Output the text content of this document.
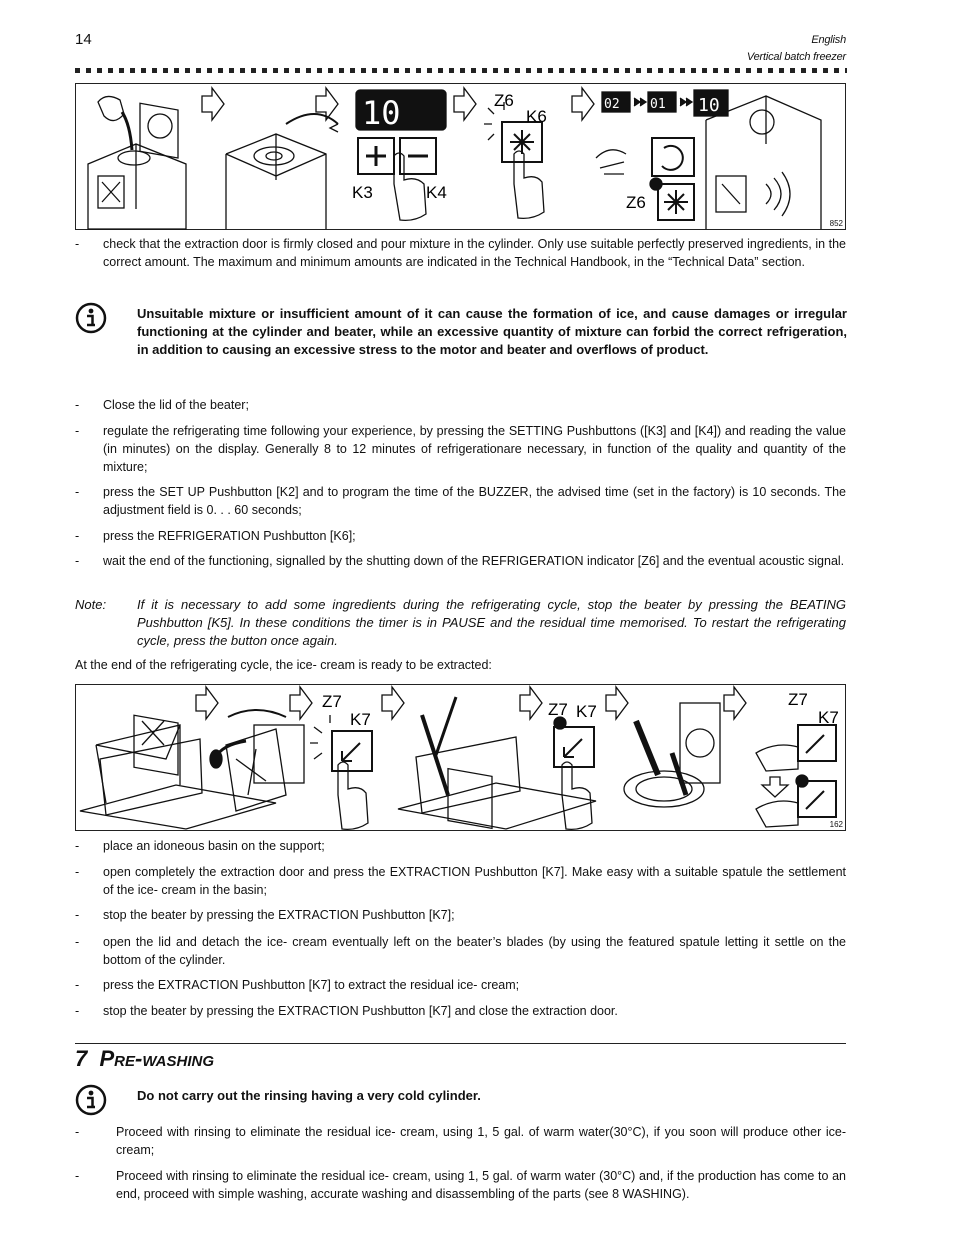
14	English
Vertical batch freezer
10	02 01 10
K3	K4
Z6
K6
Z6
852
-	check that the extraction door is firmly closed and pour mixture in the cylinder. Only use suitable perfectly preserved ingredients, in the correct amount. The maximum and minimum amounts are indicated in the Technical Handbook, in the “Technical Data” section.
Unsuitable mixture or insufficient amount of it can cause the formation of ice, and cause damages or irregular functioning at the cylinder and beater, while an excessive quantity of mixture can forbid the correct refrigeration, in addition to causing an excessive stress to the motor and beater and overflows of product.
-	Close the lid of the beater;
-	regulate the refrigerating time following your experience, by pressing the SETTING Pushbuttons ([K3] and [K4]) and reading the value (in minutes) on the display. Generally 8 to 12 minutes of refrigerationare necessary, in function of the quality and quantity of the mixture;
-	press the SET UP Pushbutton [K2] and to program the time of the BUZZER, the advised time (set in the factory) is 10 seconds. The adjustment field is 0. . . 60 seconds;
-	press the REFRIGERATION Pushbutton [K6];
-	wait the end of the functioning, signalled by the shutting down of the REFRIGERATION indicator [Z6] and the eventual acoustic signal.
Note:	If it is necessary to add some ingredients during the refrigerating cycle, stop the beater by pressing the BEATING Pushbutton [K5]. In these conditions the timer is in PAUSE and the residual time memorised. To restart the refrigerating cycle, press the button once again.
At the end of the refrigerating cycle, the ice- cream is ready to be extracted:
Z7
K7
Z7 K7
Z7
K7
162
-	place an idoneous basin on the support;
-	open completely the extraction door and press the EXTRACTION Pushbutton [K7]. Make easy with a suitable spatule the settlement of the ice- cream in the basin;
-	stop the beater by pressing the EXTRACTION Pushbutton [K7];
-	open the lid and detach the ice- cream eventually left on the beater’s blades (by using the featured spatule letting it settle on the bottom of the cylinder.
-	press the EXTRACTION Pushbutton [K7] to extract the residual ice- cream;
-	stop the beater by pressing the EXTRACTION Pushbutton [K7] and close the extraction door.
7 Pre-washing
Do not carry out the rinsing having a very cold cylinder.
-	Proceed with rinsing to eliminate the residual ice- cream, using 1, 5 gal. of warm water(30°C), if you soon will produce other ice- cream;
-	Proceed with rinsing to eliminate the residual ice- cream, using 1, 5 gal. of warm water (30°C) and, if the production has come to an end, proceed with simple washing, accurate washing and disassembling of the parts (see 8 WASHING).
